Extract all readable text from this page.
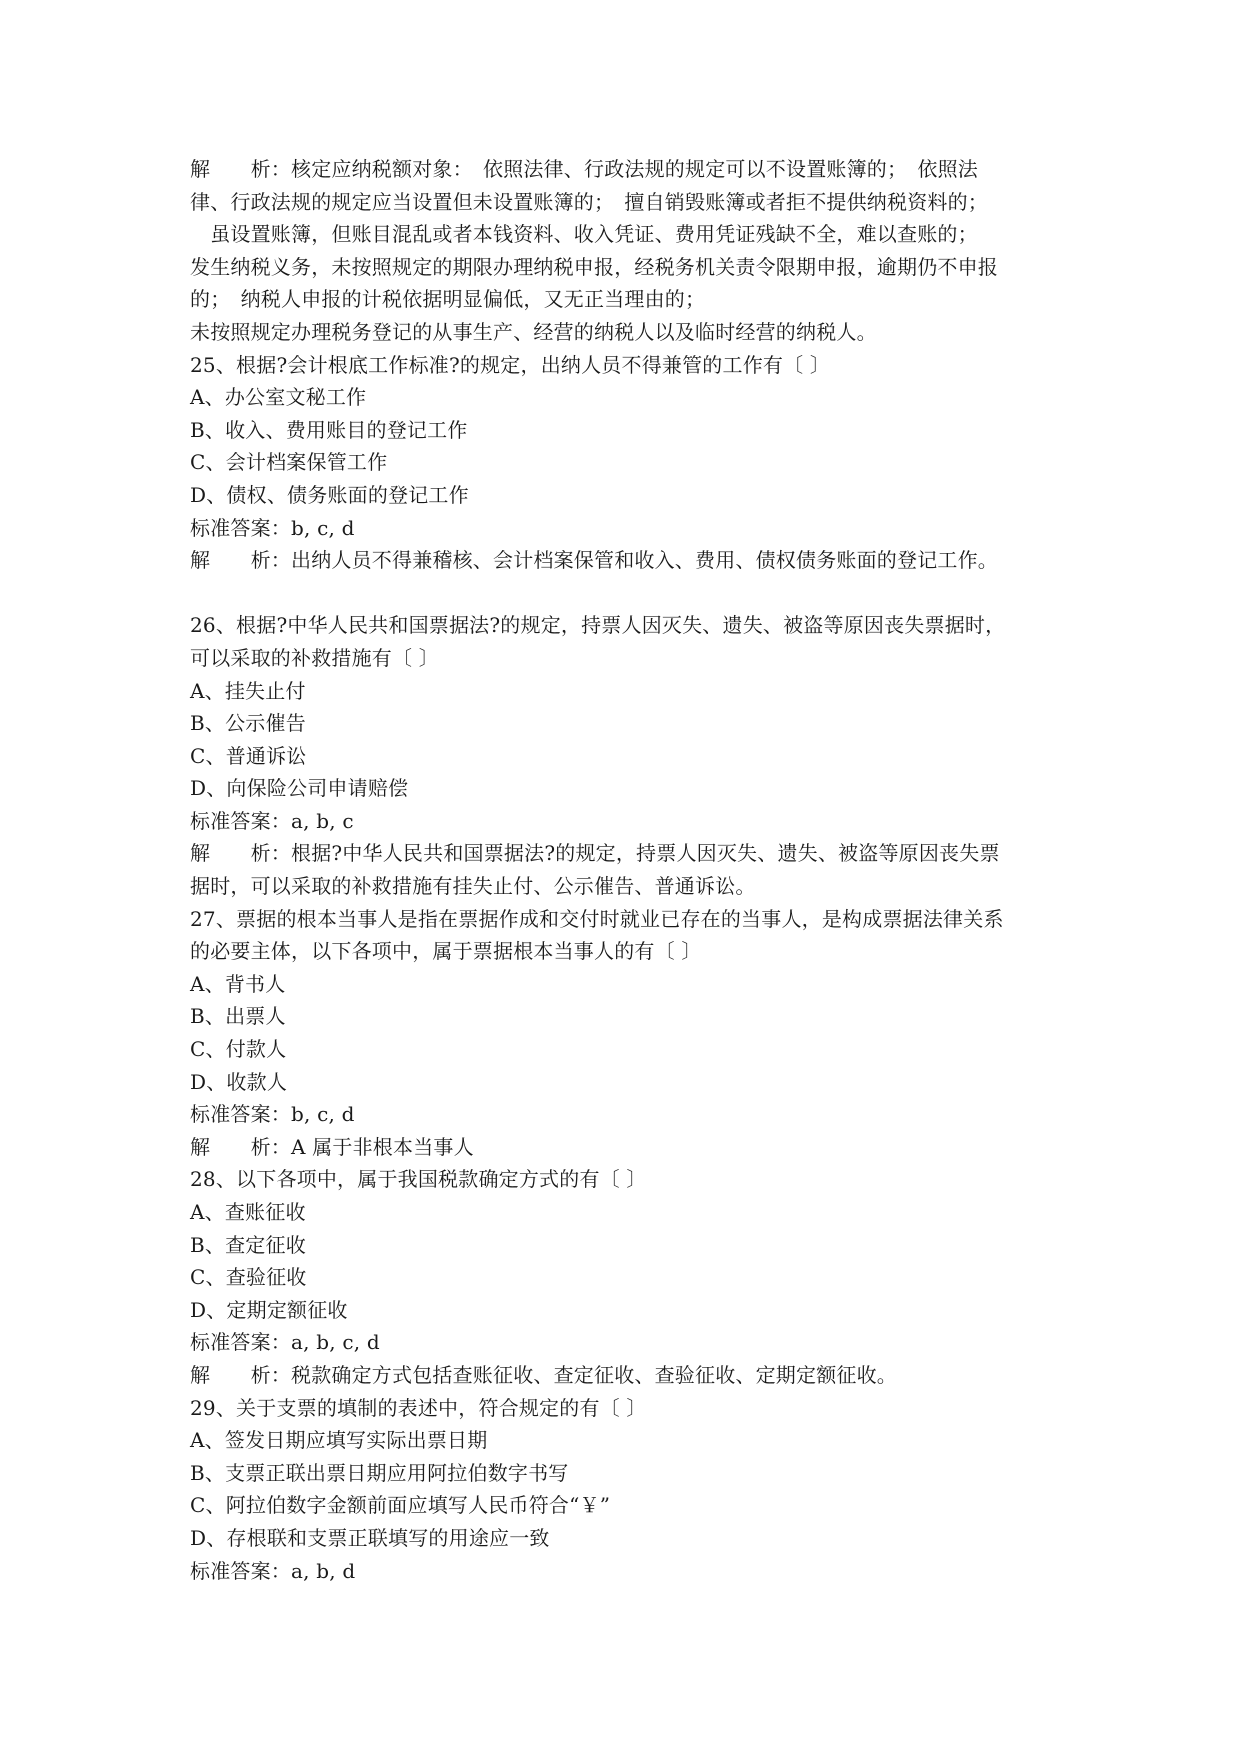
解　　析：核定应纳税额对象：　依照法律、行政法规的规定可以不设置账簿的；　依照法
律、行政法规的规定应当设置但未设置账簿的；　擅自销毁账簿或者拒不提供纳税资料的；
　虽设置账簿，但账目混乱或者本钱资料、收入凭证、费用凭证残缺不全，难以查账的；
发生纳税义务，未按照规定的期限办理纳税申报，经税务机关责令限期申报，逾期仍不申报
的；　纳税人申报的计税依据明显偏低，又无正当理由的；
未按照规定办理税务登记的从事生产、经营的纳税人以及临时经营的纳税人。
25、根据?会计根底工作标准?的规定，出纳人员不得兼管的工作有〔 〕
A、办公室文秘工作
B、收入、费用账目的登记工作
C、会计档案保管工作
D、债权、债务账面的登记工作
标准答案：b, c, d
解　　析：出纳人员不得兼稽核、会计档案保管和收入、费用、债权债务账面的登记工作。
26、根据?中华人民共和国票据法?的规定，持票人因灭失、遗失、被盗等原因丧失票据时，
可以采取的补救措施有〔 〕
A、挂失止付
B、公示催告
C、普通诉讼
D、向保险公司申请赔偿
标准答案：a, b, c
解　　析：根据?中华人民共和国票据法?的规定，持票人因灭失、遗失、被盗等原因丧失票
据时，可以采取的补救措施有挂失止付、公示催告、普通诉讼。
27、票据的根本当事人是指在票据作成和交付时就业已存在的当事人，是构成票据法律关系
的必要主体，以下各项中，属于票据根本当事人的有〔 〕
A、背书人
B、出票人
C、付款人
D、收款人
标准答案：b, c, d
解　　析：A 属于非根本当事人
28、以下各项中，属于我国税款确定方式的有〔 〕
A、查账征收
B、查定征收
C、查验征收
D、定期定额征收
标准答案：a, b, c, d
解　　析：税款确定方式包括查账征收、查定征收、查验征收、定期定额征收。
29、关于支票的填制的表述中，符合规定的有〔 〕
A、签发日期应填写实际出票日期
B、支票正联出票日期应用阿拉伯数字书写
C、阿拉伯数字金额前面应填写人民币符合“￥”
D、存根联和支票正联填写的用途应一致
标准答案：a, b, d
